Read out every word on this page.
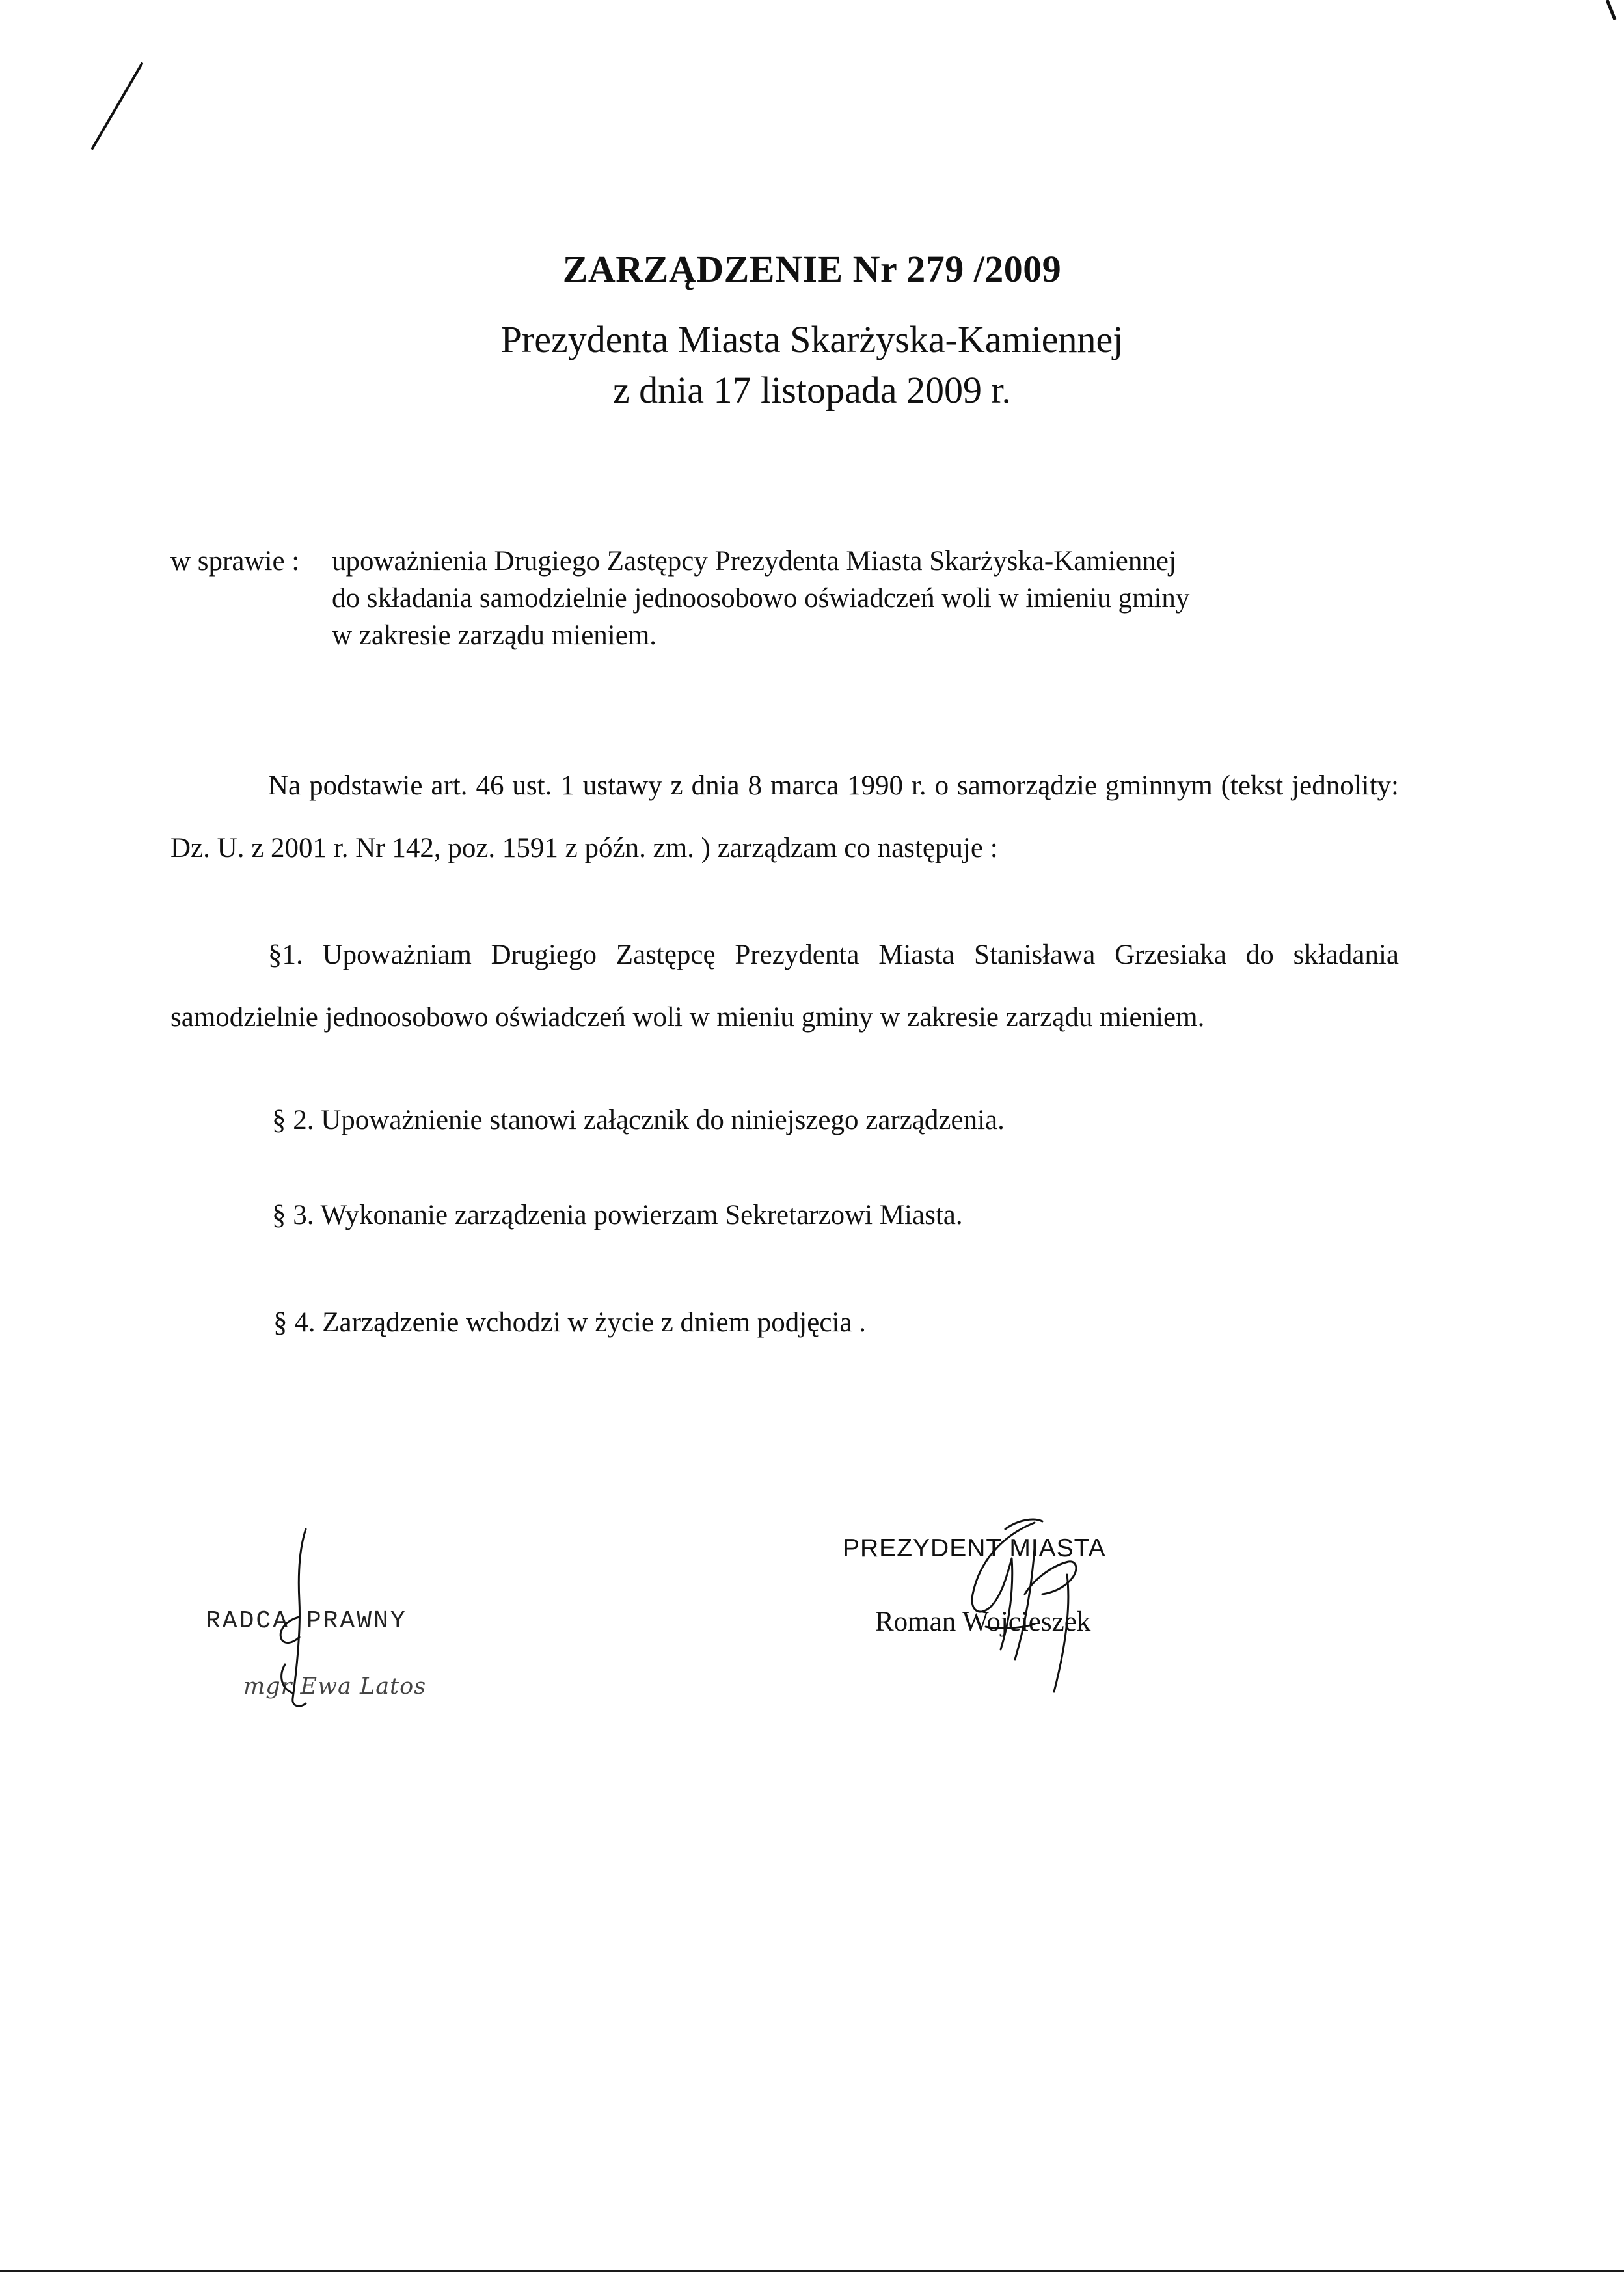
ZARZĄDZENIE Nr 279 /2009
Prezydenta Miasta Skarżyska-Kamiennej
z dnia 17 listopada 2009 r.
w sprawie : upoważnienia Drugiego Zastępcy Prezydenta Miasta Skarżyska-Kamiennej
do składania samodzielnie jednoosobowo oświadczeń woli w imieniu gminy
w zakresie zarządu mieniem.
Na podstawie art. 46 ust. 1 ustawy z dnia 8 marca 1990 r. o samorządzie gminnym (tekst jednolity: Dz. U. z 2001 r. Nr 142, poz. 1591 z późn. zm. ) zarządzam co następuje :
§1. Upoważniam Drugiego Zastępcę Prezydenta Miasta Stanisława Grzesiaka do składania samodzielnie jednoosobowo oświadczeń woli w mieniu gminy w zakresie zarządu mieniem.
§ 2. Upoważnienie stanowi załącznik do niniejszego zarządzenia.
§ 3. Wykonanie zarządzenia powierzam Sekretarzowi Miasta.
§ 4. Zarządzenie wchodzi w życie z dniem podjęcia .
RADCA PRAWNY
mgr Ewa Latos
PREZYDENT MIASTA
Roman Wojcieszek
